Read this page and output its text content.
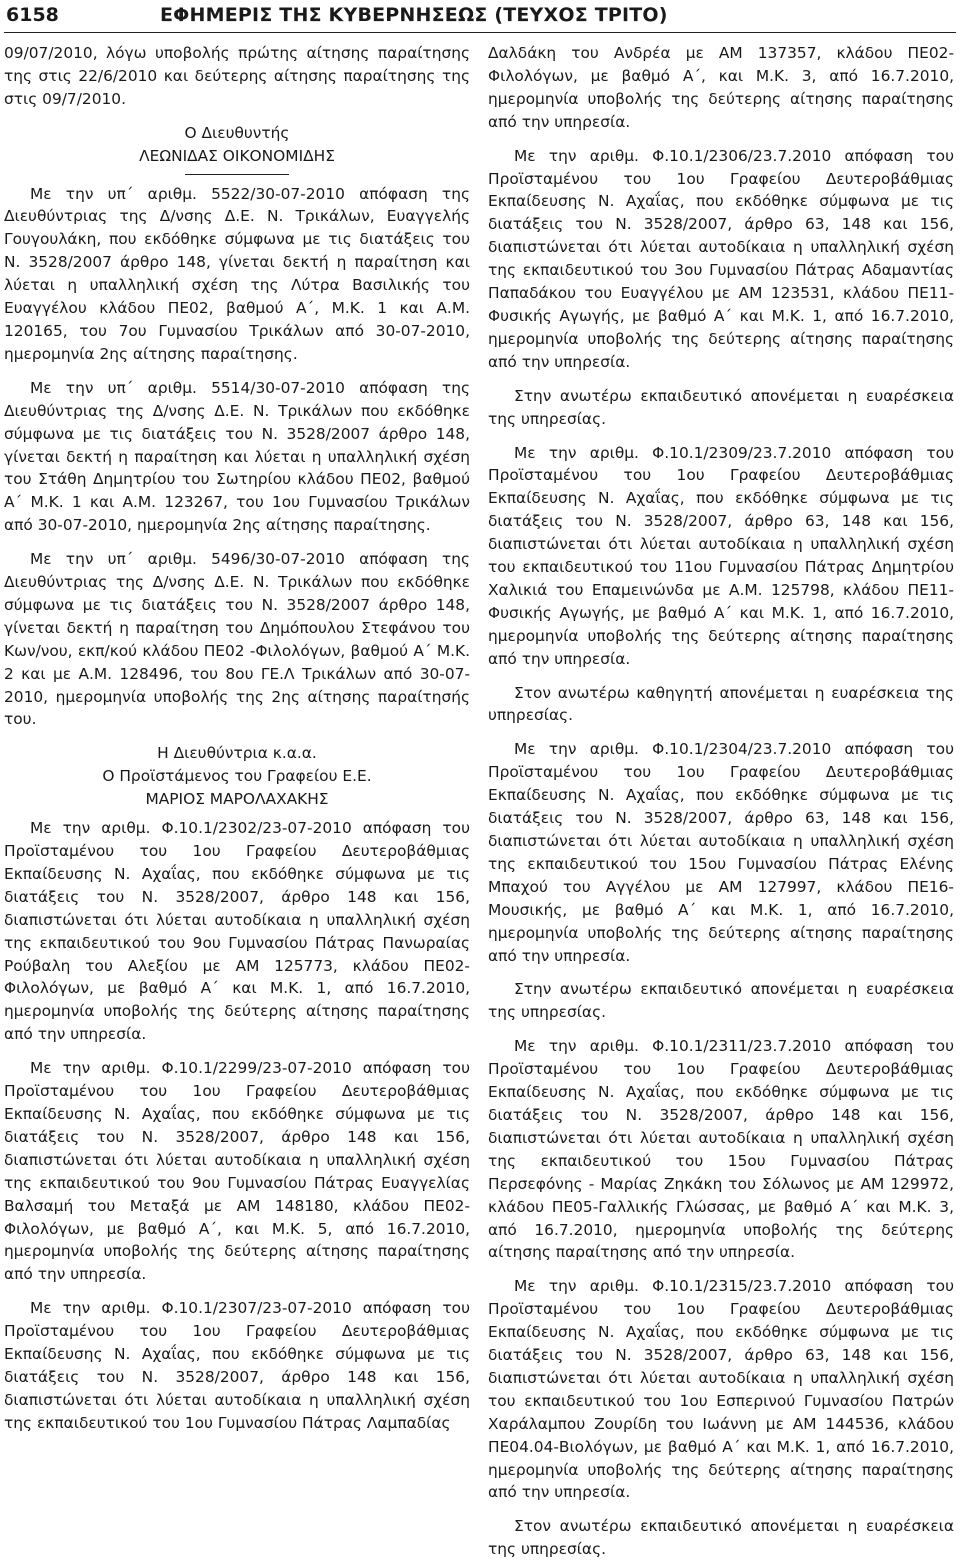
6158	ΕΦΗΜΕΡΙΣ ΤΗΣ ΚΥΒΕΡΝΗΣΕΩΣ (ΤΕΥΧΟΣ ΤΡΙΤΟ)

09/07/2010, λόγω υποβολής πρώτης αίτησης παραίτησης της στις 22/6/2010 και δεύτερης αίτησης παραίτησης της στις 09/7/2010.

Ο Διευθυντής

ΛΕΩΝΙΔΑΣ ΟΙΚΟΝΟΜΙΔΗΣ

Με την υπ΄ αριθμ. 5522/30-07-2010 απόφαση της Διευθύντριας της Δ/νσης Δ.Ε. Ν. Τρικάλων, Ευαγγελής Γουγουλάκη, που εκδόθηκε σύμφωνα με τις διατάξεις του Ν. 3528/2007 άρθρο 148, γίνεται δεκτή η παραίτηση και λύεται η υπαλληλική σχέση της Λύτρα Βασιλικής του Ευαγγέλου κλάδου ΠΕ02, βαθμού Α΄, Μ.Κ. 1 και Α.Μ. 120165, του 7ου Γυμνασίου Τρικάλων από 30-07-2010, ημερομηνία 2ης αίτησης παραίτησης.

Με την υπ΄ αριθμ. 5514/30-07-2010 απόφαση της Διευθύντριας της Δ/νσης Δ.Ε. Ν. Τρικάλων που εκδόθηκε σύμφωνα με τις διατάξεις του Ν. 3528/2007 άρθρο 148, γίνεται δεκτή η παραίτηση και λύεται η υπαλληλική σχέση του Στάθη Δημητρίου του Σωτηρίου κλάδου ΠΕ02, βαθμού Α΄ Μ.Κ. 1 και Α.Μ. 123267, του 1ου Γυμνασίου Τρικάλων από 30-07-2010, ημερομηνία 2ης αίτησης παραίτησης.

Με την υπ΄ αριθμ. 5496/30-07-2010 απόφαση της Διευθύντριας της Δ/νσης Δ.Ε. Ν. Τρικάλων που εκδόθηκε σύμφωνα με τις διατάξεις του Ν. 3528/2007 άρθρο 148, γίνεται δεκτή η παραίτηση του Δημόπουλου Στεφάνου του Κων/νου, εκπ/κού κλάδου ΠΕ02 -Φιλολόγων, βαθμού Α΄ Μ.Κ. 2 και με Α.Μ. 128496, του 8ου ΓΕ.Λ Τρικάλων από 30-07-2010, ημερομηνία υποβολής της 2ης αίτησης παραίτησής του.

Η Διευθύντρια κ.α.α.

Ο Προϊστάμενος του Γραφείου Ε.Ε.

ΜΑΡΙΟΣ ΜΑΡΟΛΑΧΑΚΗΣ

Με την αριθμ. Φ.10.1/2302/23-07-2010 απόφαση του Προϊσταμένου του 1ου Γραφείου Δευτεροβάθμιας Εκπαίδευσης Ν. Αχαΐας, που εκδόθηκε σύμφωνα με τις διατάξεις του Ν. 3528/2007, άρθρο 148 και 156, διαπιστώνεται ότι λύεται αυτοδίκαια η υπαλληλική σχέση της εκπαιδευτικού του 9ου Γυμνασίου Πάτρας Πανωραίας Ρούβαλη του Αλεξίου με ΑΜ 125773, κλάδου ΠΕ02-Φιλολόγων, με βαθμό Α΄ και Μ.Κ. 1, από 16.7.2010, ημερομηνία υποβολής της δεύτερης αίτησης παραίτησης από την υπηρεσία.

Με την αριθμ. Φ.10.1/2299/23-07-2010 απόφαση του Προϊσταμένου του 1ου Γραφείου Δευτεροβάθμιας Εκπαίδευσης Ν. Αχαΐας, που εκδόθηκε σύμφωνα με τις διατάξεις του Ν. 3528/2007, άρθρο 148 και 156, διαπιστώνεται ότι λύεται αυτοδίκαια η υπαλληλική σχέση της εκπαιδευτικού του 9ου Γυμνασίου Πάτρας Ευαγγελίας Βαλσαμή του Μεταξά με ΑΜ 148180, κλάδου ΠΕ02-Φιλολόγων, με βαθμό Α΄, και Μ.Κ. 5, από 16.7.2010, ημερομηνία υποβολής της δεύτερης αίτησης παραίτησης από την υπηρεσία.

Με την αριθμ. Φ.10.1/2307/23-07-2010 απόφαση του Προϊσταμένου του 1ου Γραφείου Δευτεροβάθμιας Εκπαίδευσης Ν. Αχαΐας, που εκδόθηκε σύμφωνα με τις διατάξεις του Ν. 3528/2007, άρθρο 148 και 156, διαπιστώνεται ότι λύεται αυτοδίκαια η υπαλληλική σχέση της εκπαιδευτικού του 1ου Γυμνασίου Πάτρας Λαμπαδίας

Δαλδάκη του Ανδρέα με ΑΜ 137357, κλάδου ΠΕ02-Φιλολόγων, με βαθμό Α΄, και Μ.Κ. 3, από 16.7.2010, ημερομηνία υποβολής της δεύτερης αίτησης παραίτησης από την υπηρεσία.

Με την αριθμ. Φ.10.1/2306/23.7.2010 απόφαση του Προϊσταμένου του 1ου Γραφείου Δευτεροβάθμιας Εκπαίδευσης Ν. Αχαΐας, που εκδόθηκε σύμφωνα με τις διατάξεις του Ν. 3528/2007, άρθρο 63, 148 και 156, διαπιστώνεται ότι λύεται αυτοδίκαια η υπαλληλική σχέση της εκπαιδευτικού του 3ου Γυμνασίου Πάτρας Αδαμαντίας Παπαδάκου του Ευαγγέλου με ΑΜ 123531, κλάδου ΠΕ11-Φυσικής Αγωγής, με βαθμό Α΄ και Μ.Κ. 1, από 16.7.2010, ημερομηνία υποβολής της δεύτερης αίτησης παραίτησης από την υπηρεσία.

Στην ανωτέρω εκπαιδευτικό απονέμεται η ευαρέσκεια της υπηρεσίας.

Με την αριθμ. Φ.10.1/2309/23.7.2010 απόφαση του Προϊσταμένου του 1ου Γραφείου Δευτεροβάθμιας Εκπαίδευσης Ν. Αχαΐας, που εκδόθηκε σύμφωνα με τις διατάξεις του Ν. 3528/2007, άρθρο 63, 148 και 156, διαπιστώνεται ότι λύεται αυτοδίκαια η υπαλληλική σχέση του εκπαιδευτικού του 11ου Γυμνασίου Πάτρας Δημητρίου Χαλικιά του Επαμεινώνδα με Α.Μ. 125798, κλάδου ΠΕ11-Φυσικής Αγωγής, με βαθμό Α΄ και Μ.Κ. 1, από 16.7.2010, ημερομηνία υποβολής της δεύτερης αίτησης παραίτησης από την υπηρεσία.

Στον ανωτέρω καθηγητή απονέμεται η ευαρέσκεια της υπηρεσίας.

Με την αριθμ. Φ.10.1/2304/23.7.2010 απόφαση του Προϊσταμένου του 1ου Γραφείου Δευτεροβάθμιας Εκπαίδευσης Ν. Αχαΐας, που εκδόθηκε σύμφωνα με τις διατάξεις του Ν. 3528/2007, άρθρο 63, 148 και 156, διαπιστώνεται ότι λύεται αυτοδίκαια η υπαλληλική σχέση της εκπαιδευτικού του 15ου Γυμνασίου Πάτρας Ελένης Μπαχού του Αγγέλου με ΑΜ 127997, κλάδου ΠΕ16-Μουσικής, με βαθμό Α΄ και Μ.Κ. 1, από 16.7.2010, ημερομηνία υποβολής της δεύτερης αίτησης παραίτησης από την υπηρεσία.

Στην ανωτέρω εκπαιδευτικό απονέμεται η ευαρέσκεια της υπηρεσίας.

Με την αριθμ. Φ.10.1/2311/23.7.2010 απόφαση του Προϊσταμένου του 1ου Γραφείου Δευτεροβάθμιας Εκπαίδευσης Ν. Αχαΐας, που εκδόθηκε σύμφωνα με τις διατάξεις του Ν. 3528/2007, άρθρο 148 και 156, διαπιστώνεται ότι λύεται αυτοδίκαια η υπαλληλική σχέση της εκπαιδευτικού του 15ου Γυμνασίου Πάτρας Περσεφόνης - Μαρίας Ζηκάκη του Σόλωνος με ΑΜ 129972, κλάδου ΠΕ05-Γαλλικής Γλώσσας, με βαθμό Α΄ και Μ.Κ. 3, από 16.7.2010, ημερομηνία υποβολής της δεύτερης αίτησης παραίτησης από την υπηρεσία.

Με την αριθμ. Φ.10.1/2315/23.7.2010 απόφαση του Προϊσταμένου του 1ου Γραφείου Δευτεροβάθμιας Εκπαίδευσης Ν. Αχαΐας, που εκδόθηκε σύμφωνα με τις διατάξεις του Ν. 3528/2007, άρθρο 63, 148 και 156, διαπιστώνεται ότι λύεται αυτοδίκαια η υπαλληλική σχέση του εκπαιδευτικού του 1ου Εσπερινού Γυμνασίου Πατρών Χαράλαμπου Ζουρίδη του Ιωάννη με ΑΜ 144536, κλάδου ΠΕ04.04-Βιολόγων, με βαθμό Α΄ και Μ.Κ. 1, από 16.7.2010, ημερομηνία υποβολής της δεύτερης αίτησης παραίτησης από την υπηρεσία.

Στον ανωτέρω εκπαιδευτικό απονέμεται η ευαρέσκεια της υπηρεσίας.
